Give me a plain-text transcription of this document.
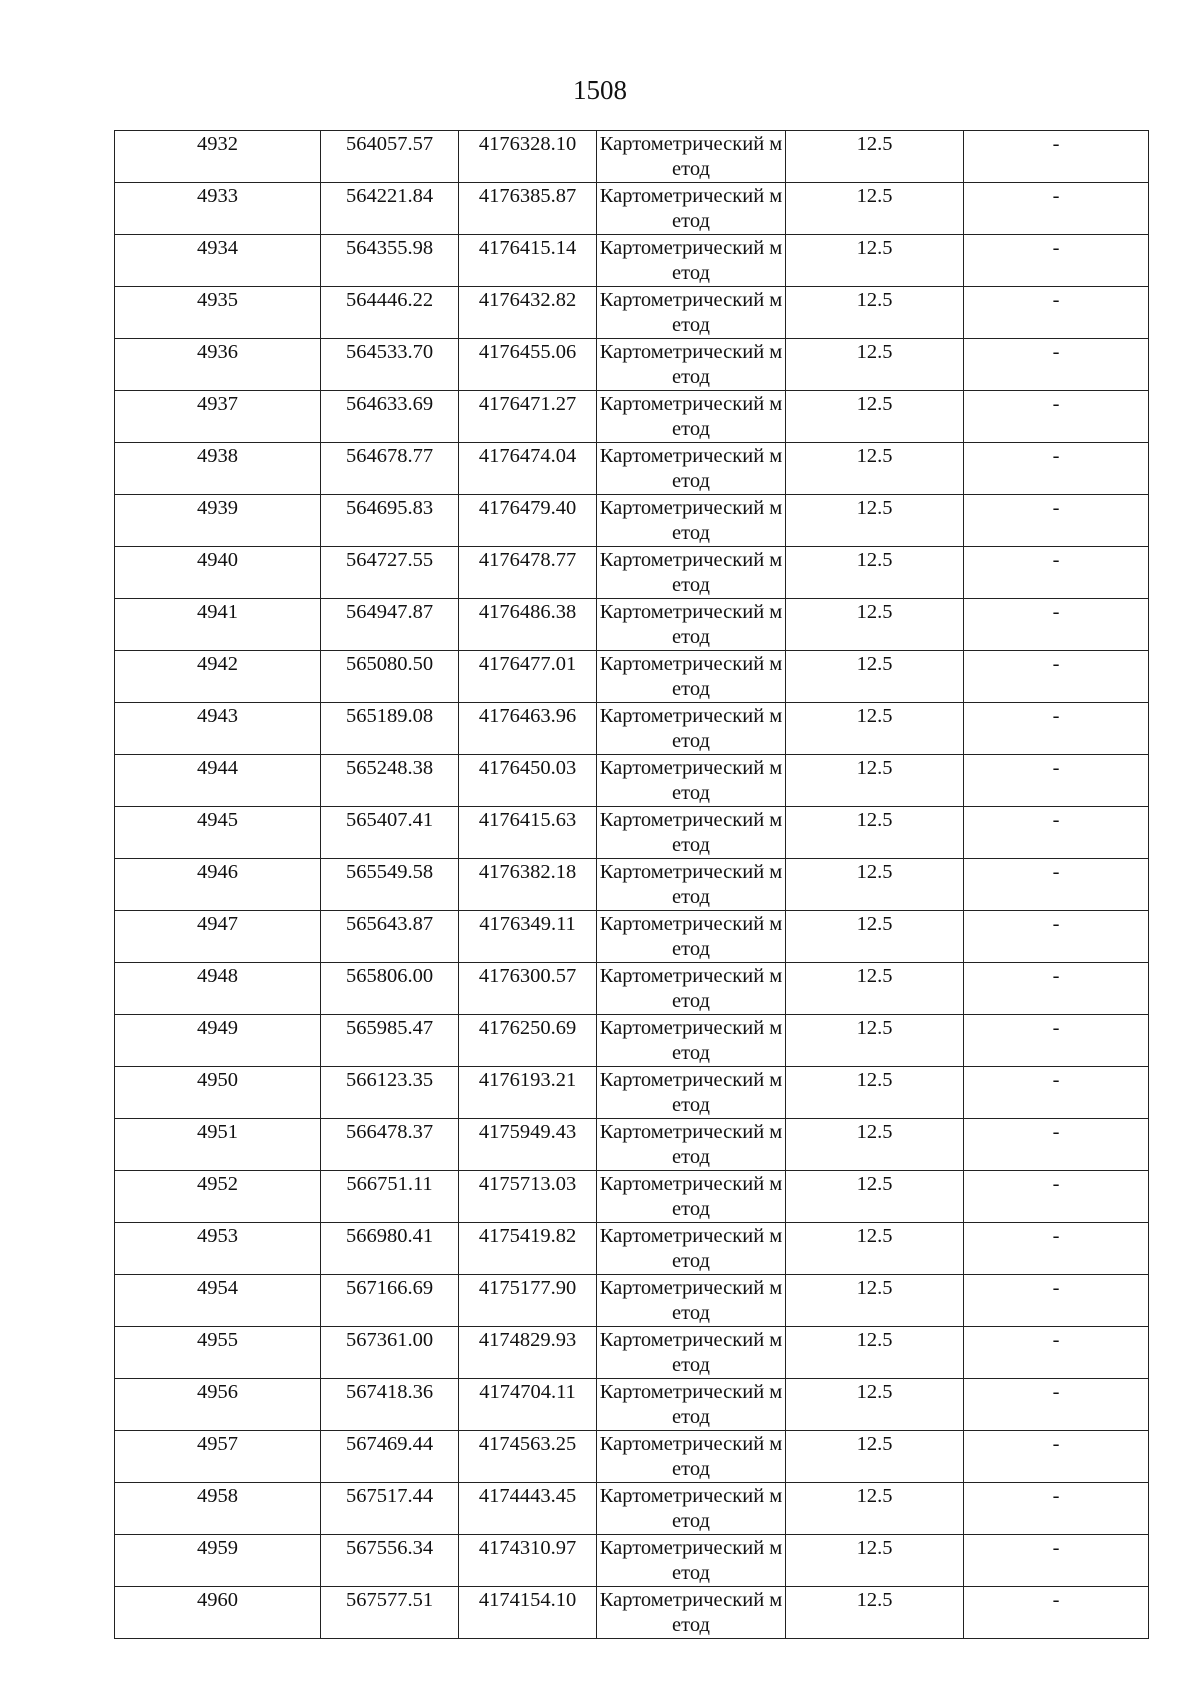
1508
4932	564057.57	4176328.10	Картометрический метод	12.5	-
4933	564221.84	4176385.87	Картометрический метод	12.5	-
4934	564355.98	4176415.14	Картометрический метод	12.5	-
4935	564446.22	4176432.82	Картометрический метод	12.5	-
4936	564533.70	4176455.06	Картометрический метод	12.5	-
4937	564633.69	4176471.27	Картометрический метод	12.5	-
4938	564678.77	4176474.04	Картометрический метод	12.5	-
4939	564695.83	4176479.40	Картометрический метод	12.5	-
4940	564727.55	4176478.77	Картометрический метод	12.5	-
4941	564947.87	4176486.38	Картометрический метод	12.5	-
4942	565080.50	4176477.01	Картометрический метод	12.5	-
4943	565189.08	4176463.96	Картометрический метод	12.5	-
4944	565248.38	4176450.03	Картометрический метод	12.5	-
4945	565407.41	4176415.63	Картометрический метод	12.5	-
4946	565549.58	4176382.18	Картометрический метод	12.5	-
4947	565643.87	4176349.11	Картометрический метод	12.5	-
4948	565806.00	4176300.57	Картометрический метод	12.5	-
4949	565985.47	4176250.69	Картометрический метод	12.5	-
4950	566123.35	4176193.21	Картометрический метод	12.5	-
4951	566478.37	4175949.43	Картометрический метод	12.5	-
4952	566751.11	4175713.03	Картометрический метод	12.5	-
4953	566980.41	4175419.82	Картометрический метод	12.5	-
4954	567166.69	4175177.90	Картометрический метод	12.5	-
4955	567361.00	4174829.93	Картометрический метод	12.5	-
4956	567418.36	4174704.11	Картометрический метод	12.5	-
4957	567469.44	4174563.25	Картометрический метод	12.5	-
4958	567517.44	4174443.45	Картометрический метод	12.5	-
4959	567556.34	4174310.97	Картометрический метод	12.5	-
4960	567577.51	4174154.10	Картометрический метод	12.5	-
